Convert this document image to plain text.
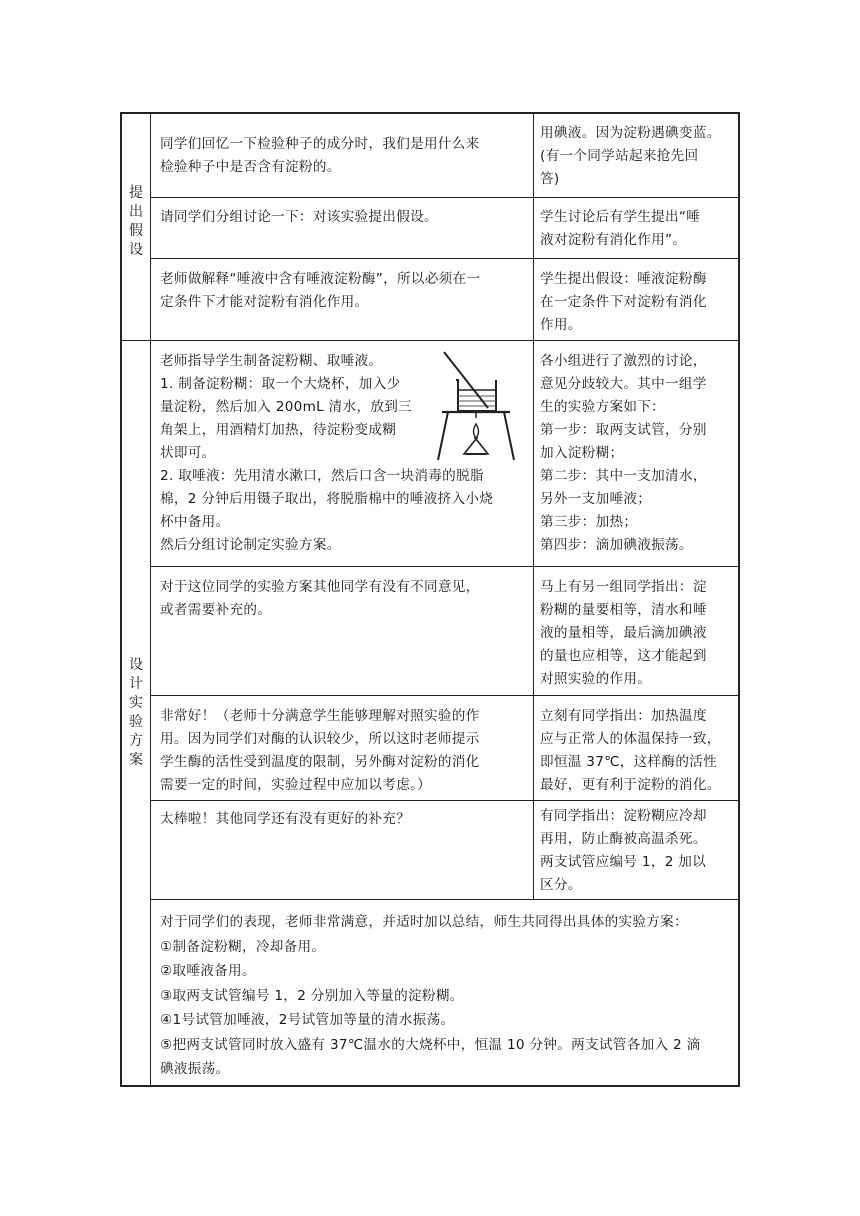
提
出
假
设
设
计
实
验
方
案

同学们回忆一下检验种子的成分时，我们是用什么来

检验种子中是否含有淀粉的。

用碘液。因为淀粉遇碘变蓝。

(有一个同学站起来抢先回

答)

请同学们分组讨论一下：对该实验提出假设。	学生讨论后有学生提出“唾

液对淀粉有消化作用”。

老师做解释“唾液中含有唾液淀粉酶”，所以必须在一

定条件下才能对淀粉有消化作用。

学生提出假设：唾液淀粉酶

在一定条件下对淀粉有消化

作用。

老师指导学生制备淀粉糊、取唾液。

1. 制备淀粉糊：取一个大烧杯，加入少

量淀粉，然后加入 200mL 清水，放到三

角架上，用酒精灯加热，待淀粉变成糊

状即可。

2. 取唾液：先用清水漱口，然后口含一块消毒的脱脂

棉，2 分钟后用镊子取出，将脱脂棉中的唾液挤入小烧

杯中备用。

然后分组讨论制定实验方案。

各小组进行了激烈的讨论，

意见分歧较大。其中一组学

生的实验方案如下：

第一步：取两支试管，分别

加入淀粉糊；

第二步：其中一支加清水，

另外一支加唾液；

第三步：加热；

第四步：滴加碘液振荡。

对于这位同学的实验方案其他同学有没有不同意见，

或者需要补充的。

马上有另一组同学指出：淀

粉糊的量要相等，清水和唾

液的量相等，最后滴加碘液

的量也应相等，这才能起到

对照实验的作用。

非常好！（老师十分满意学生能够理解对照实验的作

用。因为同学们对酶的认识较少，所以这时老师提示

学生酶的活性受到温度的限制，另外酶对淀粉的消化

需要一定的时间，实验过程中应加以考虑。）

立刻有同学指出：加热温度

应与正常人的体温保持一致，

即恒温 37℃，这样酶的活性

最好，更有利于淀粉的消化。

太棒啦！其他同学还有没有更好的补充？	有同学指出：淀粉糊应冷却

再用，防止酶被高温杀死。

两支试管应编号 1，2 加以

区分。

对于同学们的表现，老师非常满意，并适时加以总结，师生共同得出具体的实验方案：

①制备淀粉糊，冷却备用。

②取唾液备用。

③取两支试管编号 1，2 分别加入等量的淀粉糊。

④1号试管加唾液，2号试管加等量的清水振荡。

⑤把两支试管同时放入盛有 37℃温水的大烧杯中，恒温 10 分钟。两支试管各加入 2 滴

碘液振荡。
